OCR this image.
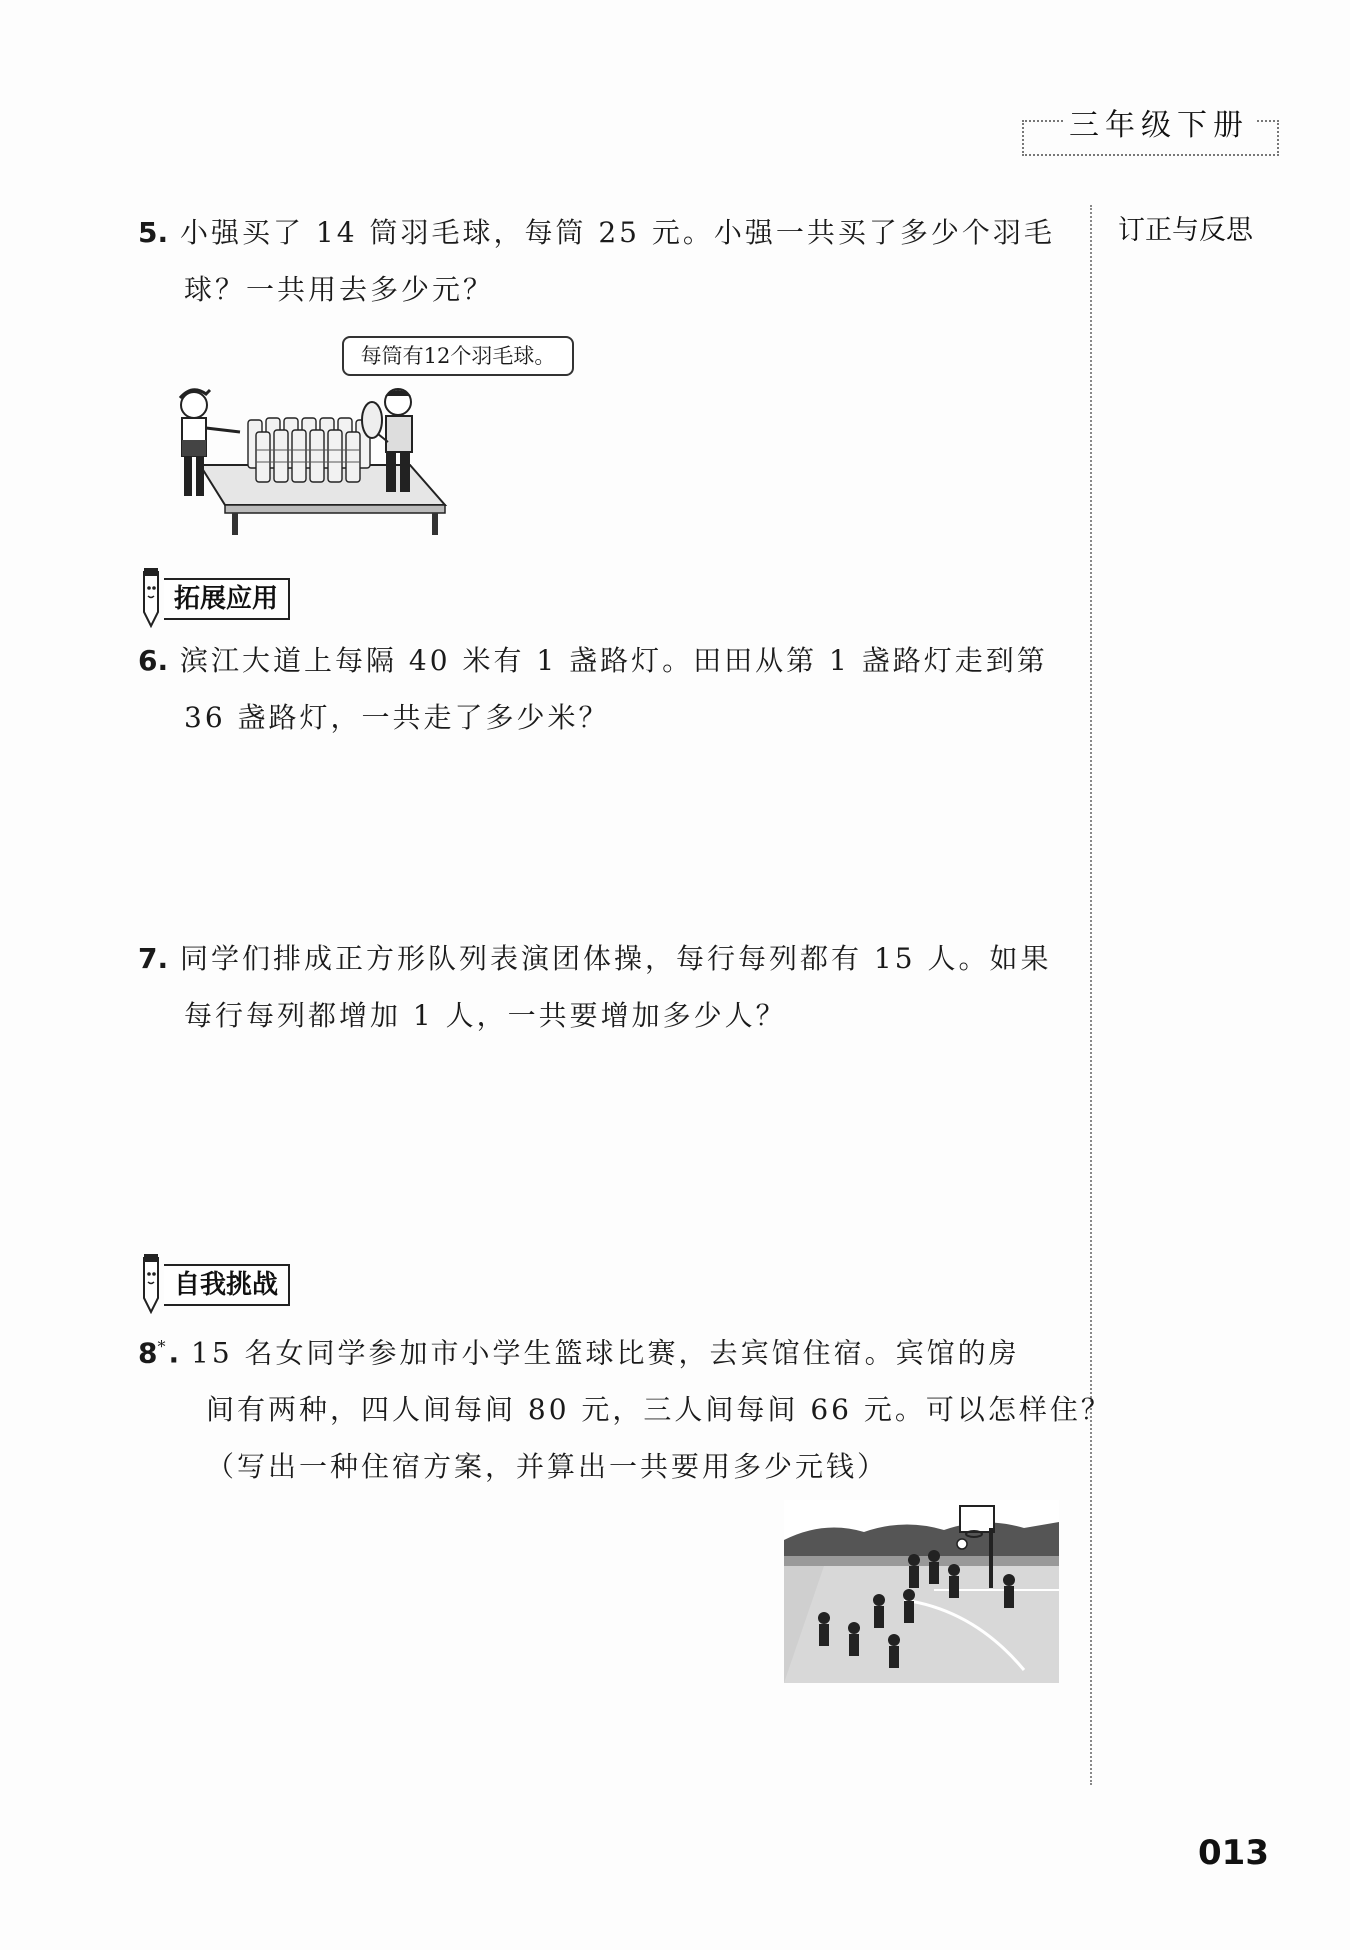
三年级下册
订正与反思
5. 小强买了 14 筒羽毛球，每筒 25 元。小强一共买了多少个羽毛
球？一共用去多少元？
每筒有12个羽毛球。
拓展应用
6. 滨江大道上每隔 40 米有 1 盏路灯。田田从第 1 盏路灯走到第
36 盏路灯，一共走了多少米？
7. 同学们排成正方形队列表演团体操，每行每列都有 15 人。如果
每行每列都增加 1 人，一共要增加多少人？
自我挑战
8*. 15 名女同学参加市小学生篮球比赛，去宾馆住宿。宾馆的房
间有两种，四人间每间 80 元，三人间每间 66 元。可以怎样住？
（写出一种住宿方案，并算出一共要用多少元钱）
013
